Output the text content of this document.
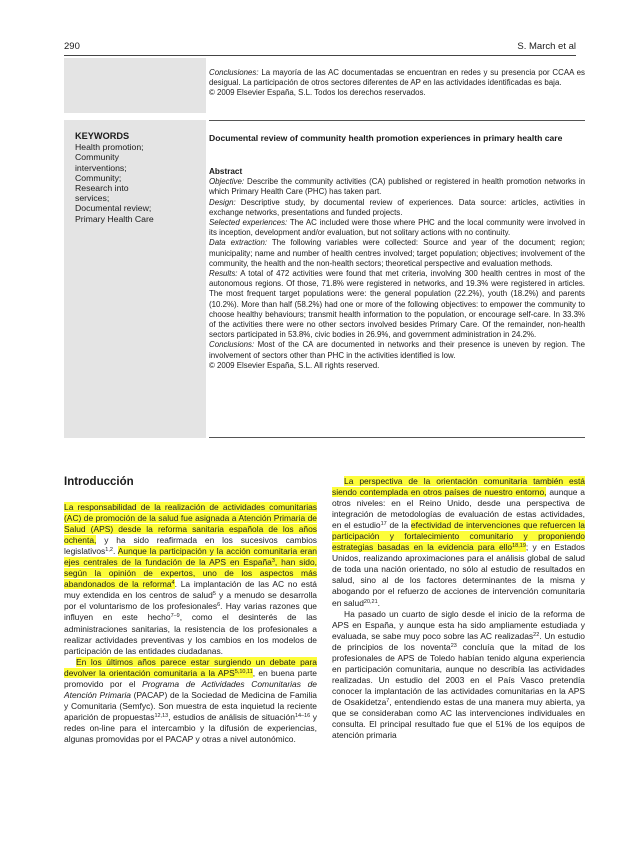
290	S. March et al
KEYWORDS
Health promotion;
Community
interventions;
Community;
Research into
services;
Documental review;
Primary Health Care

Conclusiones: La mayoría de las AC documentadas se encuentran en redes y su presencia por CCAA es desigual. La participación de otros sectores diferentes de AP en las actividades identificadas es baja.

© 2009 Elsevier España, S.L. Todos los derechos reservados.

Documental review of community health promotion experiences in primary health care
Abstract

Objective: Describe the community activities (CA) published or registered in health promotion networks in which Primary Health Care (PHC) has taken part.

Design: Descriptive study, by documental review of experiences. Data source: articles, activities in exchange networks, presentations and funded projects.

Selected experiences: The AC included were those where PHC and the local community were involved in its inception, development and/or evaluation, but not solitary actions with no continuity.

Data extraction: The following variables were collected: Source and year of the document; region; municipality; name and number of health centres involved; target population; objectives; involvement of the community, the health and the non-health sectors; theoretical perspective and evaluation methods.

Results: A total of 472 activities were found that met criteria, involving 300 health centres in most of the autonomous regions. Of those, 71.8% were registered in networks, and 19.3% were registered in articles. The most frequent target populations were: the general population (22.2%), youth (18.2%) and parents (10.2%). More than half (58.2%) had one or more of the following objectives: to empower the community to choose healthy behaviours; transmit health information to the population, or encourage self-care. In 33.3% of the activities there were no other sectors involved besides Primary Care. Of the remainder, non-health sectors participated in 53.8%, civic bodies in 26.9%, and government administration in 24.2%.

Conclusions: Most of the CA are documented in networks and their presence is uneven by region. The involvement of sectors other than PHC in the activities identified is low.

© 2009 Elsevier España, S.L. All rights reserved.

Introducción

La responsabilidad de la realización de actividades comunitarias (AC) de promoción de la salud fue asignada a Atención Primaria de Salud (APS) desde la reforma sanitaria española de los años ochenta, y ha sido reafirmada en los sucesivos cambios legislativos$^{1,2}$. Aunque la participación y la acción comunitaria eran ejes centrales de la fundación de la APS en España$^3$, han sido, según la opinión de expertos, uno de los aspectos más abandonados de la reforma$^4$. La implantación de las AC no está muy extendida en los centros de salud$^5$ y a menudo se desarrolla por el voluntarismo de los profesionales$^6$. Hay varias razones que influyen en este hecho$^{7-9}$, como el desinterés de las administraciones sanitarias, la resistencia de los profesionales a realizar actividades preventivas y los cambios en los modelos de participación de las entidades ciudadanas.

En los últimos años parece estar surgiendo un debate para devolver la orientación comunitaria a la APS$^{5,10,11}$, en buena parte promovido por el Programa de Actividades Comunitarias de Atención Primaria (PACAP) de la Sociedad de Medicina de Familia y Comunitaria (Semfyc). Son muestra de esta inquietud la reciente aparición de propuestas$^{12,13}$, estudios de análisis de situación$^{14-16}$ y redes on-line para el intercambio y la difusión de experiencias, algunas promovidas por el PACAP y otras a nivel autonómico.

La perspectiva de la orientación comunitaria también está siendo contemplada en otros países de nuestro entorno, aunque a otros niveles: en el Reino Unido, desde una perspectiva de integración de metodologías de evaluación de estas actividades, en el estudio$^{17}$ de la efectividad de intervenciones que refuercen la participación y fortalecimiento comunitario y proponiendo estrategias basadas en la evidencia para ello$^{18,19}$; y en Estados Unidos, realizando aproximaciones para el análisis global de salud de toda una nación orientado, no sólo al estudio de resultados en salud, sino al de los factores determinantes de la misma y abogando por el refuerzo de acciones de intervención comunitaria en salud$^{20,21}$.

Ha pasado un cuarto de siglo desde el inicio de la reforma de APS en España, y aunque esta ha sido ampliamente estudiada y evaluada, se sabe muy poco sobre las AC realizadas$^{22}$. Un estudio de principios de los noventa$^{23}$ concluía que la mitad de los profesionales de APS de Toledo habían tenido alguna experiencia en participación comunitaria, aunque no describía las actividades realizadas. Un estudio del 2003 en el País Vasco pretendía conocer la implantación de las actividades comunitarias en la APS de Osakidetza$^7$, entendiendo estas de una manera muy abierta, ya que se consideraban como AC las intervenciones individuales en consulta. El principal resultado fue que el 51% de los equipos de atención primaria
